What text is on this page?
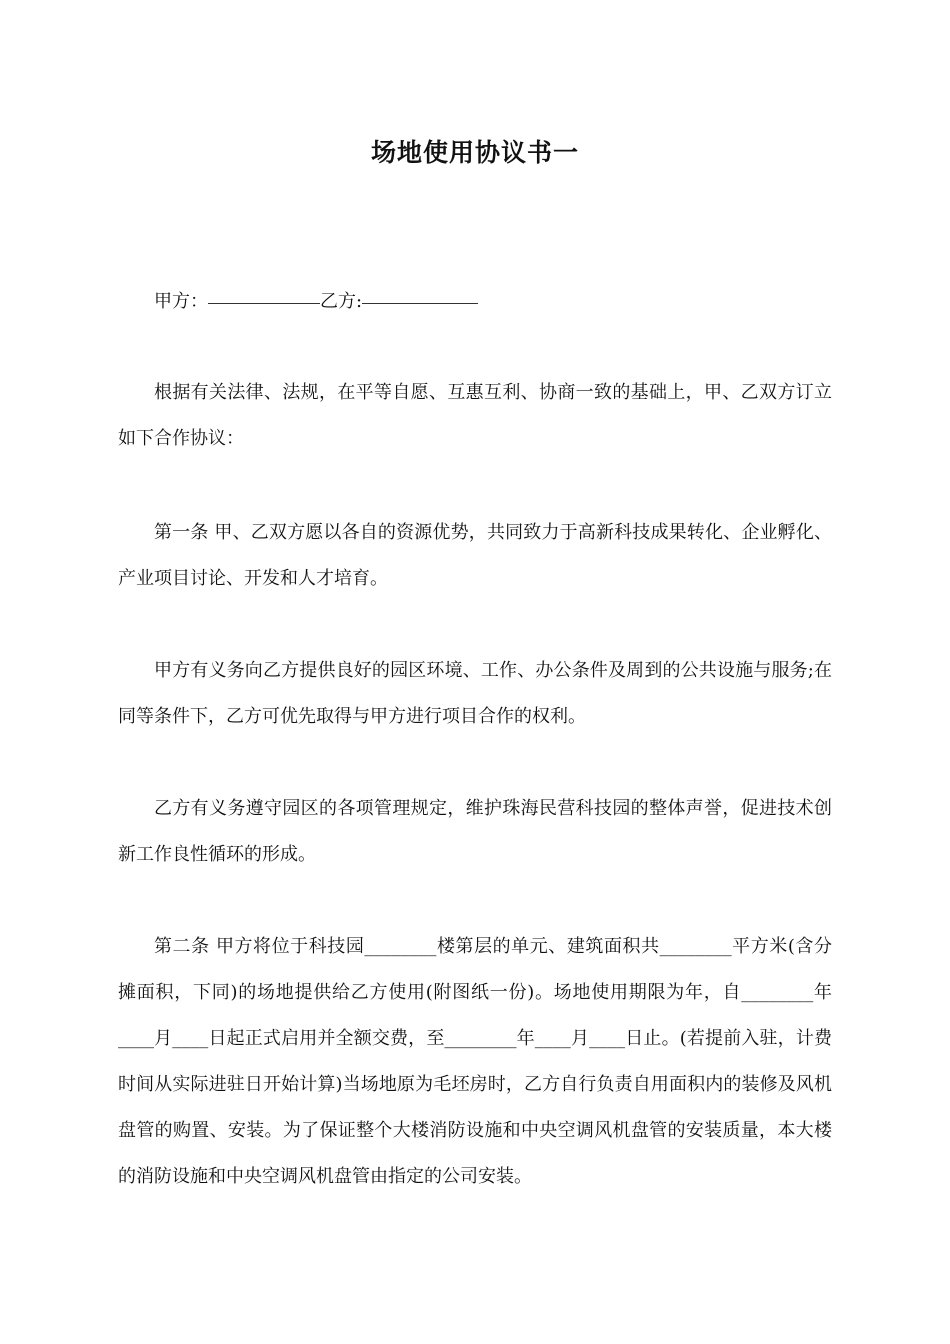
场地使用协议书一

甲方：	乙方:

根据有关法律、法规，在平等自愿、互惠互利、协商一致的基础上，甲、乙双方订立如下合作协议：

第一条 甲、乙双方愿以各自的资源优势，共同致力于高新科技成果转化、企业孵化、产业项目讨论、开发和人才培育。

甲方有义务向乙方提供良好的园区环境、工作、办公条件及周到的公共设施与服务;在同等条件下，乙方可优先取得与甲方进行项目合作的权利。

乙方有义务遵守园区的各项管理规定，维护珠海民营科技园的整体声誉，促进技术创新工作良性循环的形成。

第二条 甲方将位于科技园________楼第层的单元、建筑面积共________平方米(含分摊面积，下同)的场地提供给乙方使用(附图纸一份)。场地使用期限为年，自________年____月____日起正式启用并全额交费，至________年____月____日止。(若提前入驻，计费时间从实际进驻日开始计算)当场地原为毛坯房时，乙方自行负责自用面积内的装修及风机盘管的购置、安装。为了保证整个大楼消防设施和中央空调风机盘管的安装质量，本大楼的消防设施和中央空调风机盘管由指定的公司安装。
